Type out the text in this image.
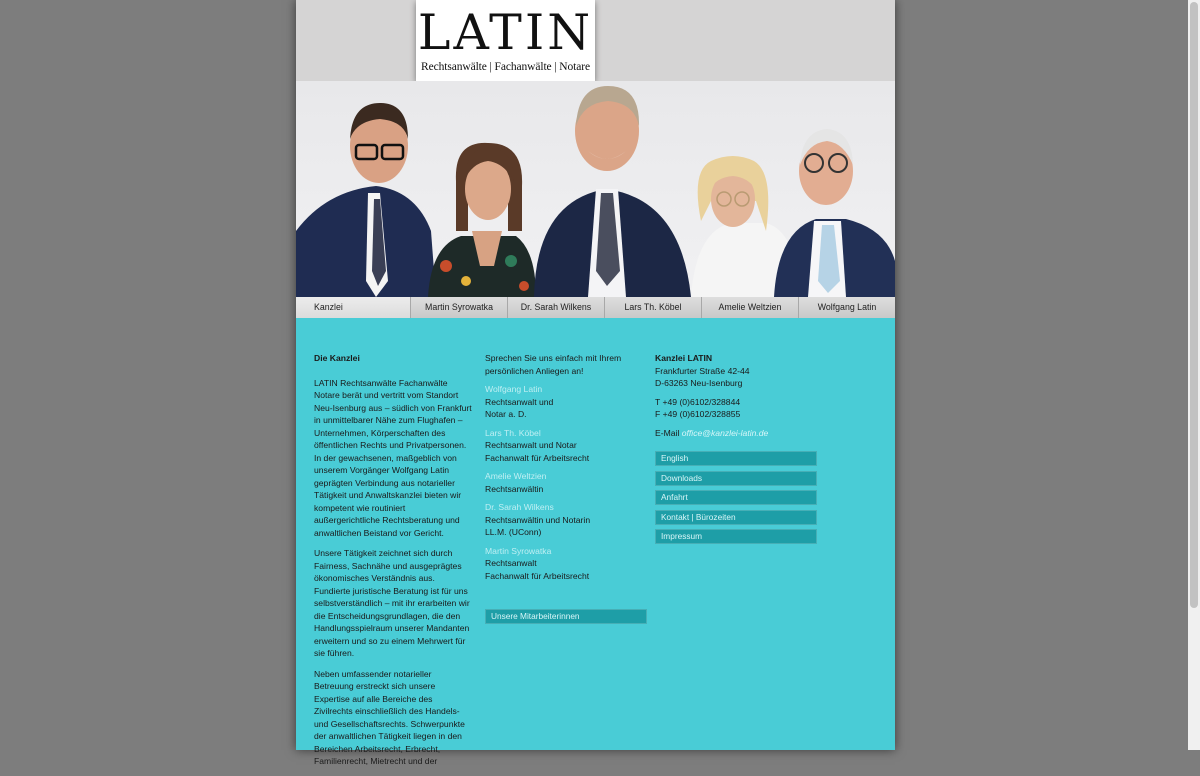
LATIN
Rechtsanwälte | Fachanwälte | Notare
Kanzlei	Martin Syrowatka	Dr. Sarah Wilkens	Lars Th. Köbel	Amelie Weltzien	Wolfgang Latin

Die Kanzlei

LATIN Rechtsanwälte Fachanwälte Notare berät und vertritt vom Standort Neu-Isenburg aus – südlich von Frankfurt in unmittelbarer Nähe zum Flughafen – Unternehmen, Körperschaften des öffentlichen Rechts und Privatpersonen. In der gewachsenen, maßgeblich von unserem Vorgänger Wolfgang Latin geprägten Verbindung aus notarieller Tätigkeit und Anwaltskanzlei bieten wir kompetent wie routiniert außergerichtliche Rechtsberatung und anwaltlichen Beistand vor Gericht.

Unsere Tätigkeit zeichnet sich durch Fairness, Sachnähe und ausgeprägtes ökonomisches Verständnis aus. Fundierte juristische Beratung ist für uns selbstverständlich – mit ihr erarbeiten wir die Entscheidungsgrundlagen, die den Handlungsspielraum unserer Mandanten erweitern und so zu einem Mehrwert für sie führen.

Neben umfassender notarieller Betreuung erstreckt sich unsere Expertise auf alle Bereiche des Zivilrechts einschließlich des Handels- und Gesellschaftsrechts. Schwerpunkte der anwaltlichen Tätigkeit liegen in den Bereichen Arbeitsrecht, Erbrecht, Familienrecht, Mietrecht und der

Sprechen Sie uns einfach mit Ihrem persönlichen Anliegen an!

Wolfgang Latin
Rechtsanwalt und
Notar a. D.
Lars Th. Köbel
Rechtsanwalt und Notar
Fachanwalt für Arbeitsrecht
Amelie Weltzien
Rechtsanwältin
Dr. Sarah Wilkens
Rechtsanwältin und Notarin
LL.M. (UConn)
Martin Syrowatka
Rechtsanwalt
Fachanwalt für Arbeitsrecht
Unsere Mitarbeiterinnen
Kanzlei LATIN
Frankfurter Straße 42-44
D-63263 Neu-Isenburg
T +49 (0)6102/328844
F +49 (0)6102/328855
E-Mail office@kanzlei-latin.de
English
Downloads
Anfahrt
Kontakt | Bürozeiten
Impressum
